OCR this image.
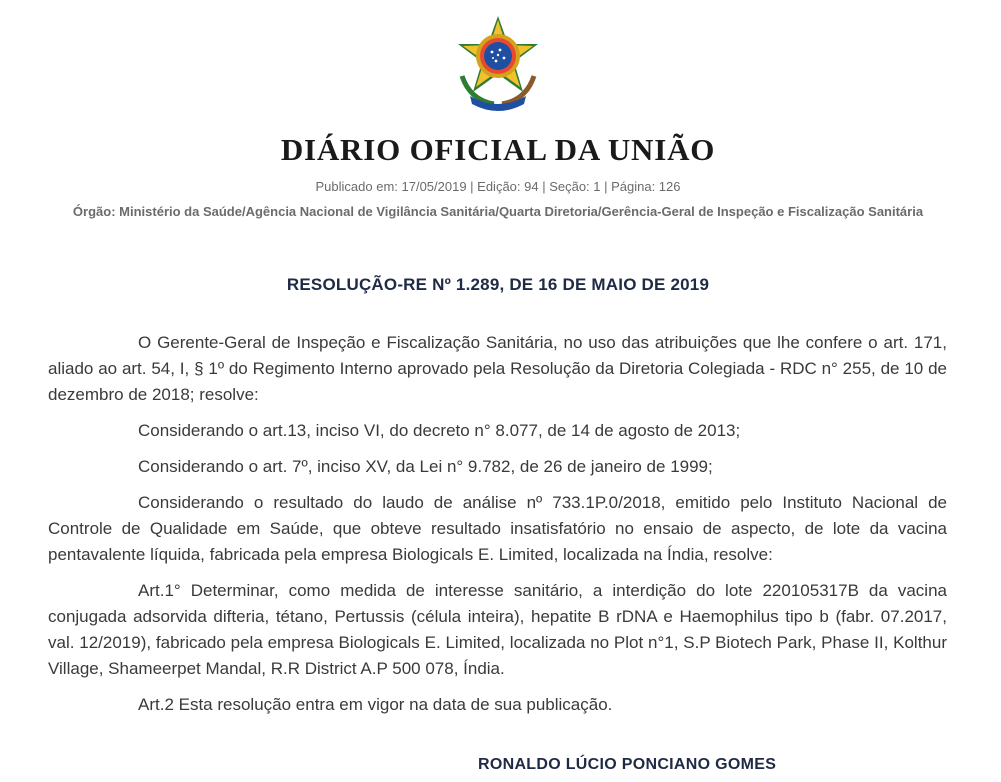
DIÁRIO OFICIAL DA UNIÃO
Publicado em: 17/05/2019 | Edição: 94 | Seção: 1 | Página: 126
Órgão: Ministério da Saúde/Agência Nacional de Vigilância Sanitária/Quarta Diretoria/Gerência-Geral de Inspeção e Fiscalização Sanitária
RESOLUÇÃO-RE Nº 1.289, DE 16 DE MAIO DE 2019

O Gerente-Geral de Inspeção e Fiscalização Sanitária, no uso das atribuições que lhe confere o art. 171, aliado ao art. 54, I, § 1º do Regimento Interno aprovado pela Resolução da Diretoria Colegiada - RDC n° 255, de 10 de dezembro de 2018; resolve:

Considerando o art.13, inciso VI, do decreto n° 8.077, de 14 de agosto de 2013;

Considerando o art. 7º, inciso XV, da Lei n° 9.782, de 26 de janeiro de 1999;

Considerando o resultado do laudo de análise nº 733.1P.0/2018, emitido pelo Instituto Nacional de Controle de Qualidade em Saúde, que obteve resultado insatisfatório no ensaio de aspecto, de lote da vacina pentavalente líquida, fabricada pela empresa Biologicals E. Limited, localizada na Índia, resolve:

Art.1° Determinar, como medida de interesse sanitário, a interdição do lote 220105317B da vacina conjugada adsorvida difteria, tétano, Pertussis (célula inteira), hepatite B rDNA e Haemophilus tipo b (fabr. 07.2017, val. 12/2019), fabricado pela empresa Biologicals E. Limited, localizada no Plot n°1, S.P Biotech Park, Phase II, Kolthur Village, Shameerpet Mandal, R.R District A.P 500 078, Índia.

Art.2 Esta resolução entra em vigor na data de sua publicação.

RONALDO LÚCIO PONCIANO GOMES
